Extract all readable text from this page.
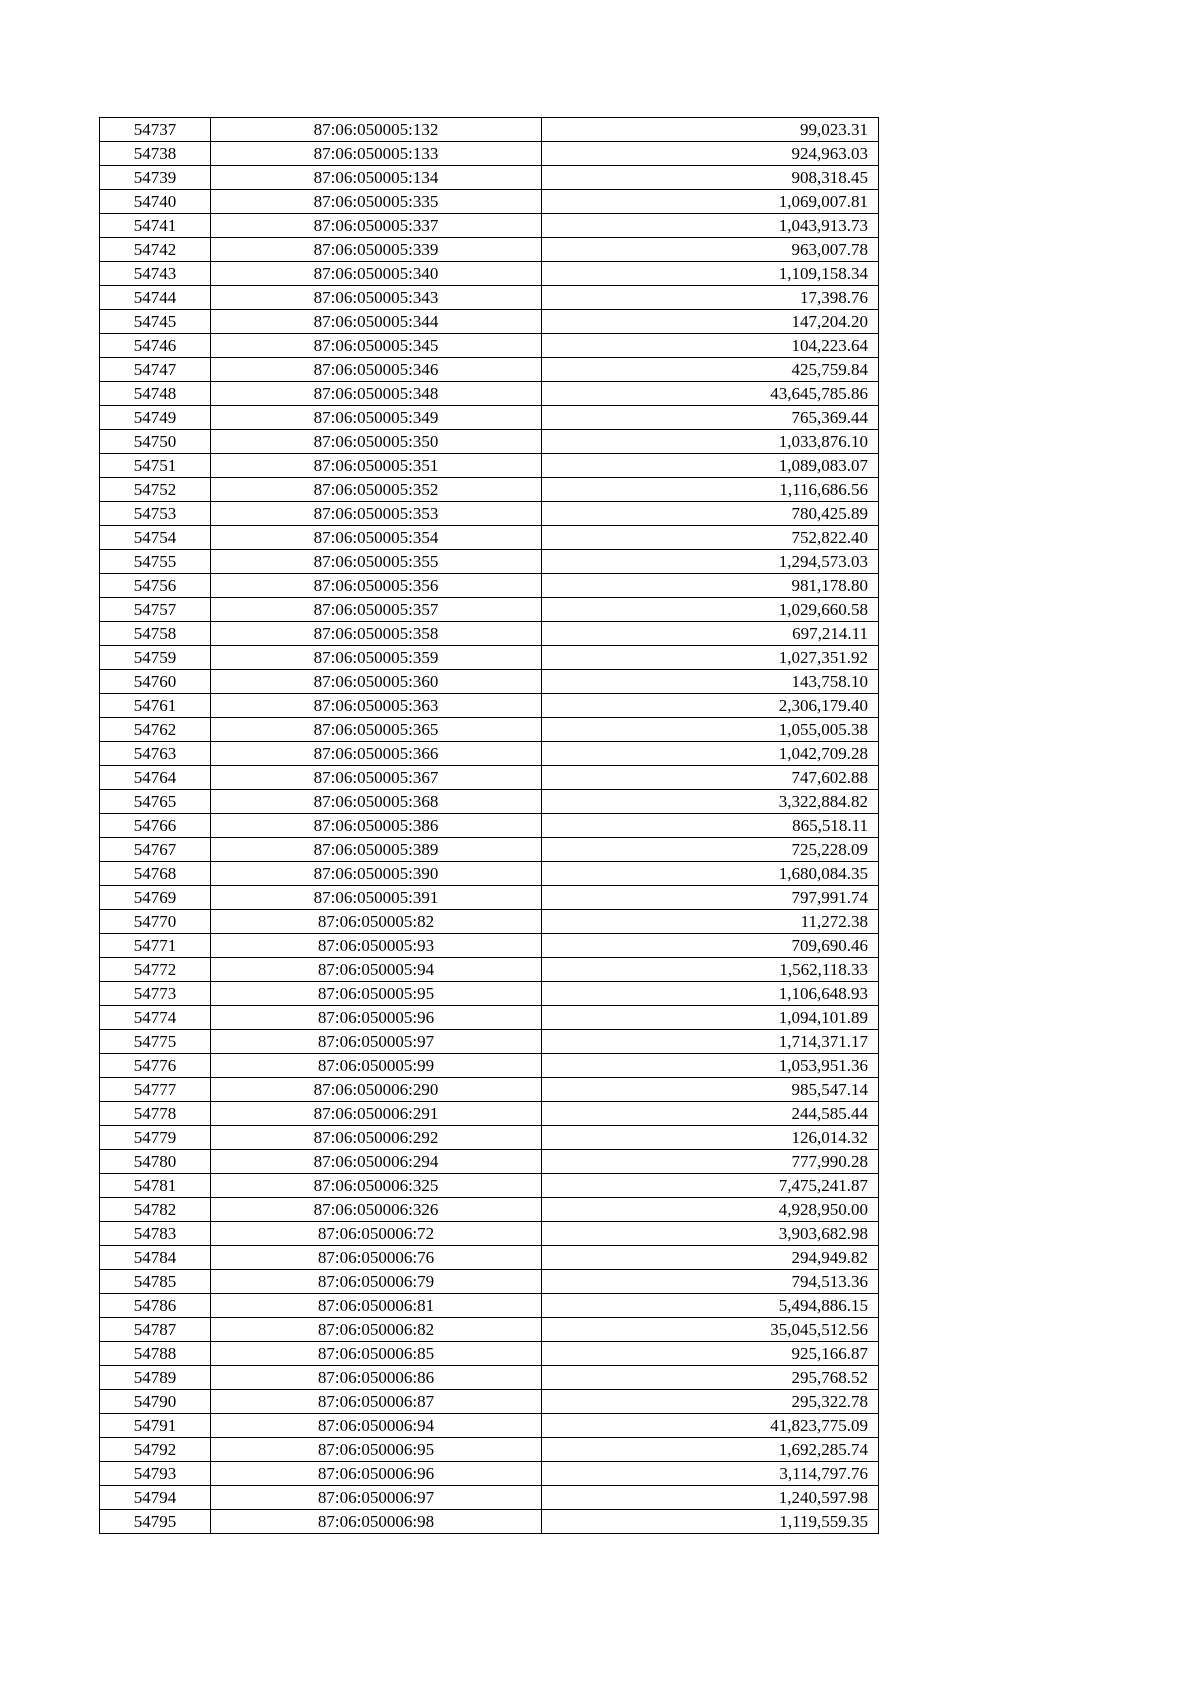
54737	87:06:050005:132	99,023.31
54738	87:06:050005:133	924,963.03
54739	87:06:050005:134	908,318.45
54740	87:06:050005:335	1,069,007.81
54741	87:06:050005:337	1,043,913.73
54742	87:06:050005:339	963,007.78
54743	87:06:050005:340	1,109,158.34
54744	87:06:050005:343	17,398.76
54745	87:06:050005:344	147,204.20
54746	87:06:050005:345	104,223.64
54747	87:06:050005:346	425,759.84
54748	87:06:050005:348	43,645,785.86
54749	87:06:050005:349	765,369.44
54750	87:06:050005:350	1,033,876.10
54751	87:06:050005:351	1,089,083.07
54752	87:06:050005:352	1,116,686.56
54753	87:06:050005:353	780,425.89
54754	87:06:050005:354	752,822.40
54755	87:06:050005:355	1,294,573.03
54756	87:06:050005:356	981,178.80
54757	87:06:050005:357	1,029,660.58
54758	87:06:050005:358	697,214.11
54759	87:06:050005:359	1,027,351.92
54760	87:06:050005:360	143,758.10
54761	87:06:050005:363	2,306,179.40
54762	87:06:050005:365	1,055,005.38
54763	87:06:050005:366	1,042,709.28
54764	87:06:050005:367	747,602.88
54765	87:06:050005:368	3,322,884.82
54766	87:06:050005:386	865,518.11
54767	87:06:050005:389	725,228.09
54768	87:06:050005:390	1,680,084.35
54769	87:06:050005:391	797,991.74
54770	87:06:050005:82	11,272.38
54771	87:06:050005:93	709,690.46
54772	87:06:050005:94	1,562,118.33
54773	87:06:050005:95	1,106,648.93
54774	87:06:050005:96	1,094,101.89
54775	87:06:050005:97	1,714,371.17
54776	87:06:050005:99	1,053,951.36
54777	87:06:050006:290	985,547.14
54778	87:06:050006:291	244,585.44
54779	87:06:050006:292	126,014.32
54780	87:06:050006:294	777,990.28
54781	87:06:050006:325	7,475,241.87
54782	87:06:050006:326	4,928,950.00
54783	87:06:050006:72	3,903,682.98
54784	87:06:050006:76	294,949.82
54785	87:06:050006:79	794,513.36
54786	87:06:050006:81	5,494,886.15
54787	87:06:050006:82	35,045,512.56
54788	87:06:050006:85	925,166.87
54789	87:06:050006:86	295,768.52
54790	87:06:050006:87	295,322.78
54791	87:06:050006:94	41,823,775.09
54792	87:06:050006:95	1,692,285.74
54793	87:06:050006:96	3,114,797.76
54794	87:06:050006:97	1,240,597.98
54795	87:06:050006:98	1,119,559.35
